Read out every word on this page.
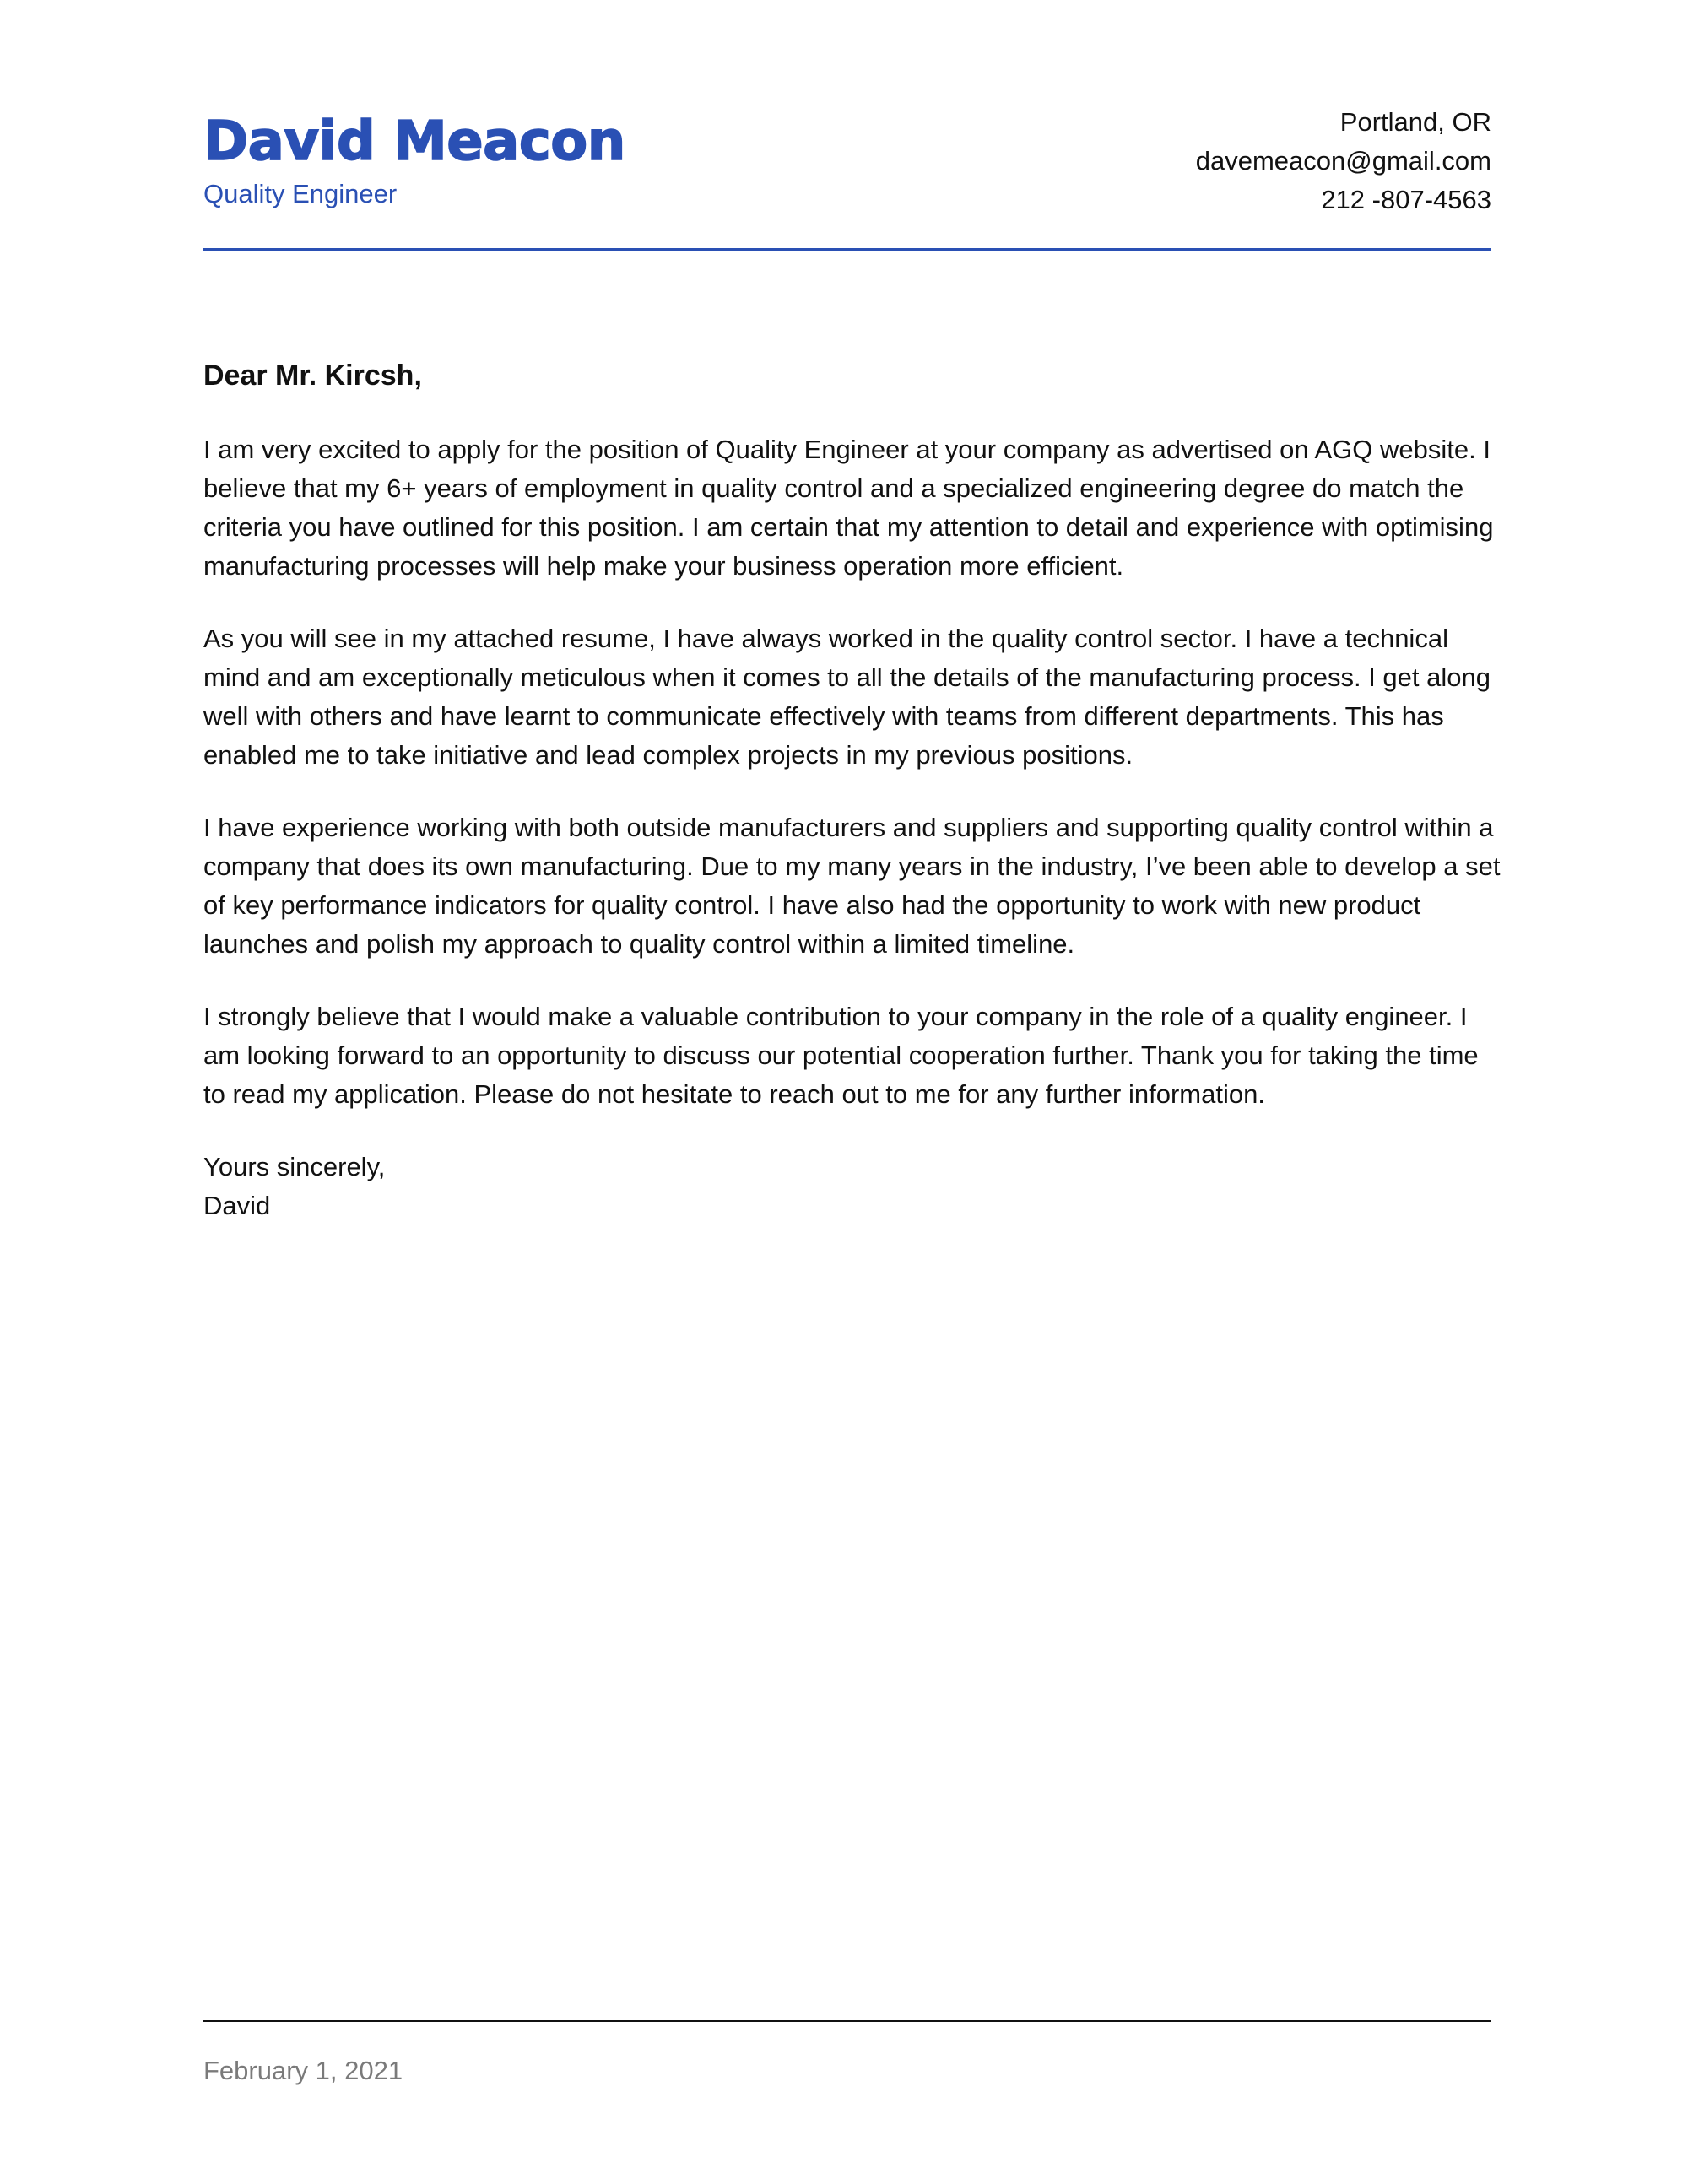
David Meacon
Quality Engineer
Portland, OR
davemeacon@gmail.com
212 -807-4563

Dear Mr. Kircsh,

I am very excited to apply for the position of Quality Engineer at your company as advertised on AGQ website. I believe that my 6+ years of employment in quality control and a specialized engineering degree do match the criteria you have outlined for this position. I am certain that my attention to detail and experience with optimising manufacturing processes will help make your business operation more efficient.

As you will see in my attached resume, I have always worked in the quality control sector. I have a technical mind and am exceptionally meticulous when it comes to all the details of the manufacturing process. I get along well with others and have learnt to communicate effectively with teams from different departments. This has enabled me to take initiative and lead complex projects in my previous positions.

I have experience working with both outside manufacturers and suppliers and supporting quality control within a company that does its own manufacturing. Due to my many years in the industry, I’ve been able to develop a set of key performance indicators for quality control. I have also had the opportunity to work with new product launches and polish my approach to quality control within a limited timeline.

I strongly believe that I would make a valuable contribution to your company in the role of a quality engineer. I am looking forward to an opportunity to discuss our potential cooperation further. Thank you for taking the time to read my application. Please do not hesitate to reach out to me for any further information.

Yours sincerely,
David
February 1, 2021
